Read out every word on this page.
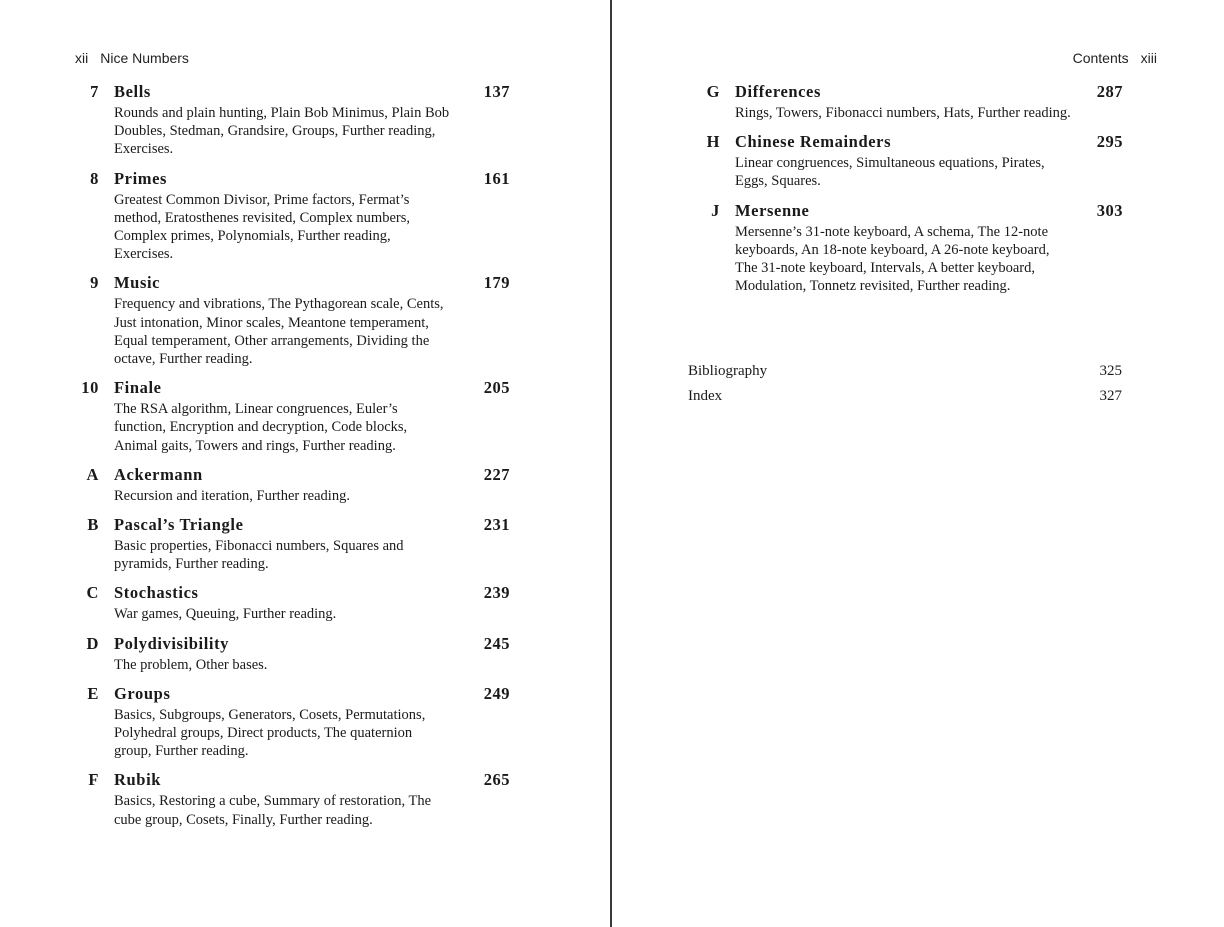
xii Nice Numbers
7 Bells	137
Rounds and plain hunting, Plain Bob Minimus, Plain Bob Doubles, Stedman, Grandsire, Groups, Further reading, Exercises.
8 Primes	161
Greatest Common Divisor, Prime factors, Fermat’s method, Eratosthenes revisited, Complex numbers, Complex primes, Polynomials, Further reading, Exercises.
9 Music	179
Frequency and vibrations, The Pythagorean scale, Cents, Just intonation, Minor scales, Meantone temperament, Equal temperament, Other arrangements, Dividing the octave, Further reading.
10 Finale	205
The RSA algorithm, Linear congruences, Euler’s function, Encryption and decryption, Code blocks, Animal gaits, Towers and rings, Further reading.
A Ackermann	227
Recursion and iteration, Further reading.
B Pascal’s Triangle	231
Basic properties, Fibonacci numbers, Squares and pyramids, Further reading.
C Stochastics	239
War games, Queuing, Further reading.
D Polydivisibility	245
The problem, Other bases.
E Groups	249
Basics, Subgroups, Generators, Cosets, Permutations, Polyhedral groups, Direct products, The quaternion group, Further reading.
F Rubik	265
Basics, Restoring a cube, Summary of restoration, The cube group, Cosets, Finally, Further reading.
Contents xiii
G Differences	287
Rings, Towers, Fibonacci numbers, Hats, Further reading.
H Chinese Remainders	295
Linear congruences, Simultaneous equations, Pirates, Eggs, Squares.
J Mersenne	303
Mersenne’s 31-note keyboard, A schema, The 12-note keyboards, An 18-note keyboard, A 26-note keyboard, The 31-note keyboard, Intervals, A better keyboard, Modulation, Tonnetz revisited, Further reading.
Bibliography	325
Index	327
